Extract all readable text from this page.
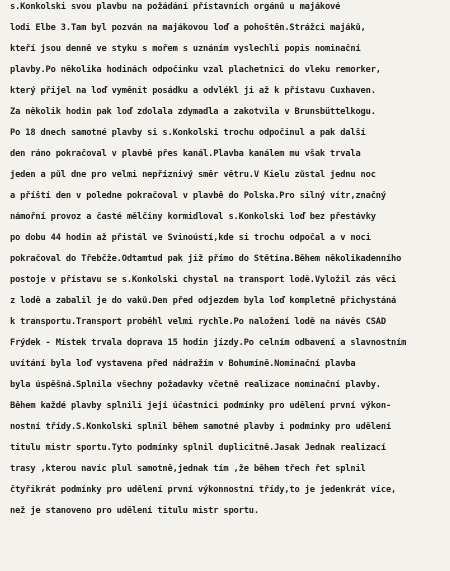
s.Konkolski svou plavbu na požádání přístavních orgánů u majákové
lodi Elbe 3.Tam byl pozván na majákovou loď a pohoštěn.Strážci majáků,
kteří jsou denně ve styku s mořem s uznáním vyslechli popis nominační
plavby.Po několika hodinách odpočinku vzal plachetnici do vleku remorker,
který přijel na loď vyměnit posádku a odvlékl ji až k přístavu Cuxhaven.
Za několik hodin pak loď zdolala zdymadla a zakotvila v Brunsbüttelkogu.
Po 18 dnech samotné plavby si s.Konkolski trochu odpočinul a pak další
den ráno pokračoval v plavbě přes kanál.Plavba kanálem mu však trvala
jeden a půl dne pro velmi nepříznivý směr větru.V Kielu zůstal jednu noc
a příští den v poledne pokračoval v plavbě do Polska.Pro silný vítr,značný
námořní provoz a časté mělčiny kormidloval s.Konkolski loď bez přestávky
po dobu 44 hodin až přistál ve Svinoústí,kde si trochu odpočal a v noci
pokračoval do Třebčže.Odtamtud pak již přímo do Štětína.Během několikadenního
postoje v přístavu se s.Konkolski chystal na transport lodě.Vyložil zás věci
z lodě a zabalil je do vaků.Den před odjezdem byla loď kompletně přichystáná
k transportu.Transport proběhl velmi rychle.Po naložení lodě na návěs ČSAD
Frýdek - Místek trvala doprava 15 hodin jízdy.Po celním odbavení a slavnostním
uvítání byla loď vystavena před nádražím v Bohumíně.Nominační plavba
byla úspěšná.Splnila všechny požadavky včetně realizace nominační plavby.
Během každé plavby splnili její účastníci podmínky pro udělení první výkon-
nostní třídy.S.Konkolski splnil během samotné plavby i podmínky pro udělení
titulu mistr sportu.Tyto podmínky splnil duplicitně.Jasak Jednak realizací
trasy ,kterou navíc plul samotně,jednak tím ,že během třech řet splnil
čtyřikrát podmínky pro udělení první výkonnostní třídy,to je jedenkrát více,
než je stanoveno pro udělení titulu mistr sportu.
